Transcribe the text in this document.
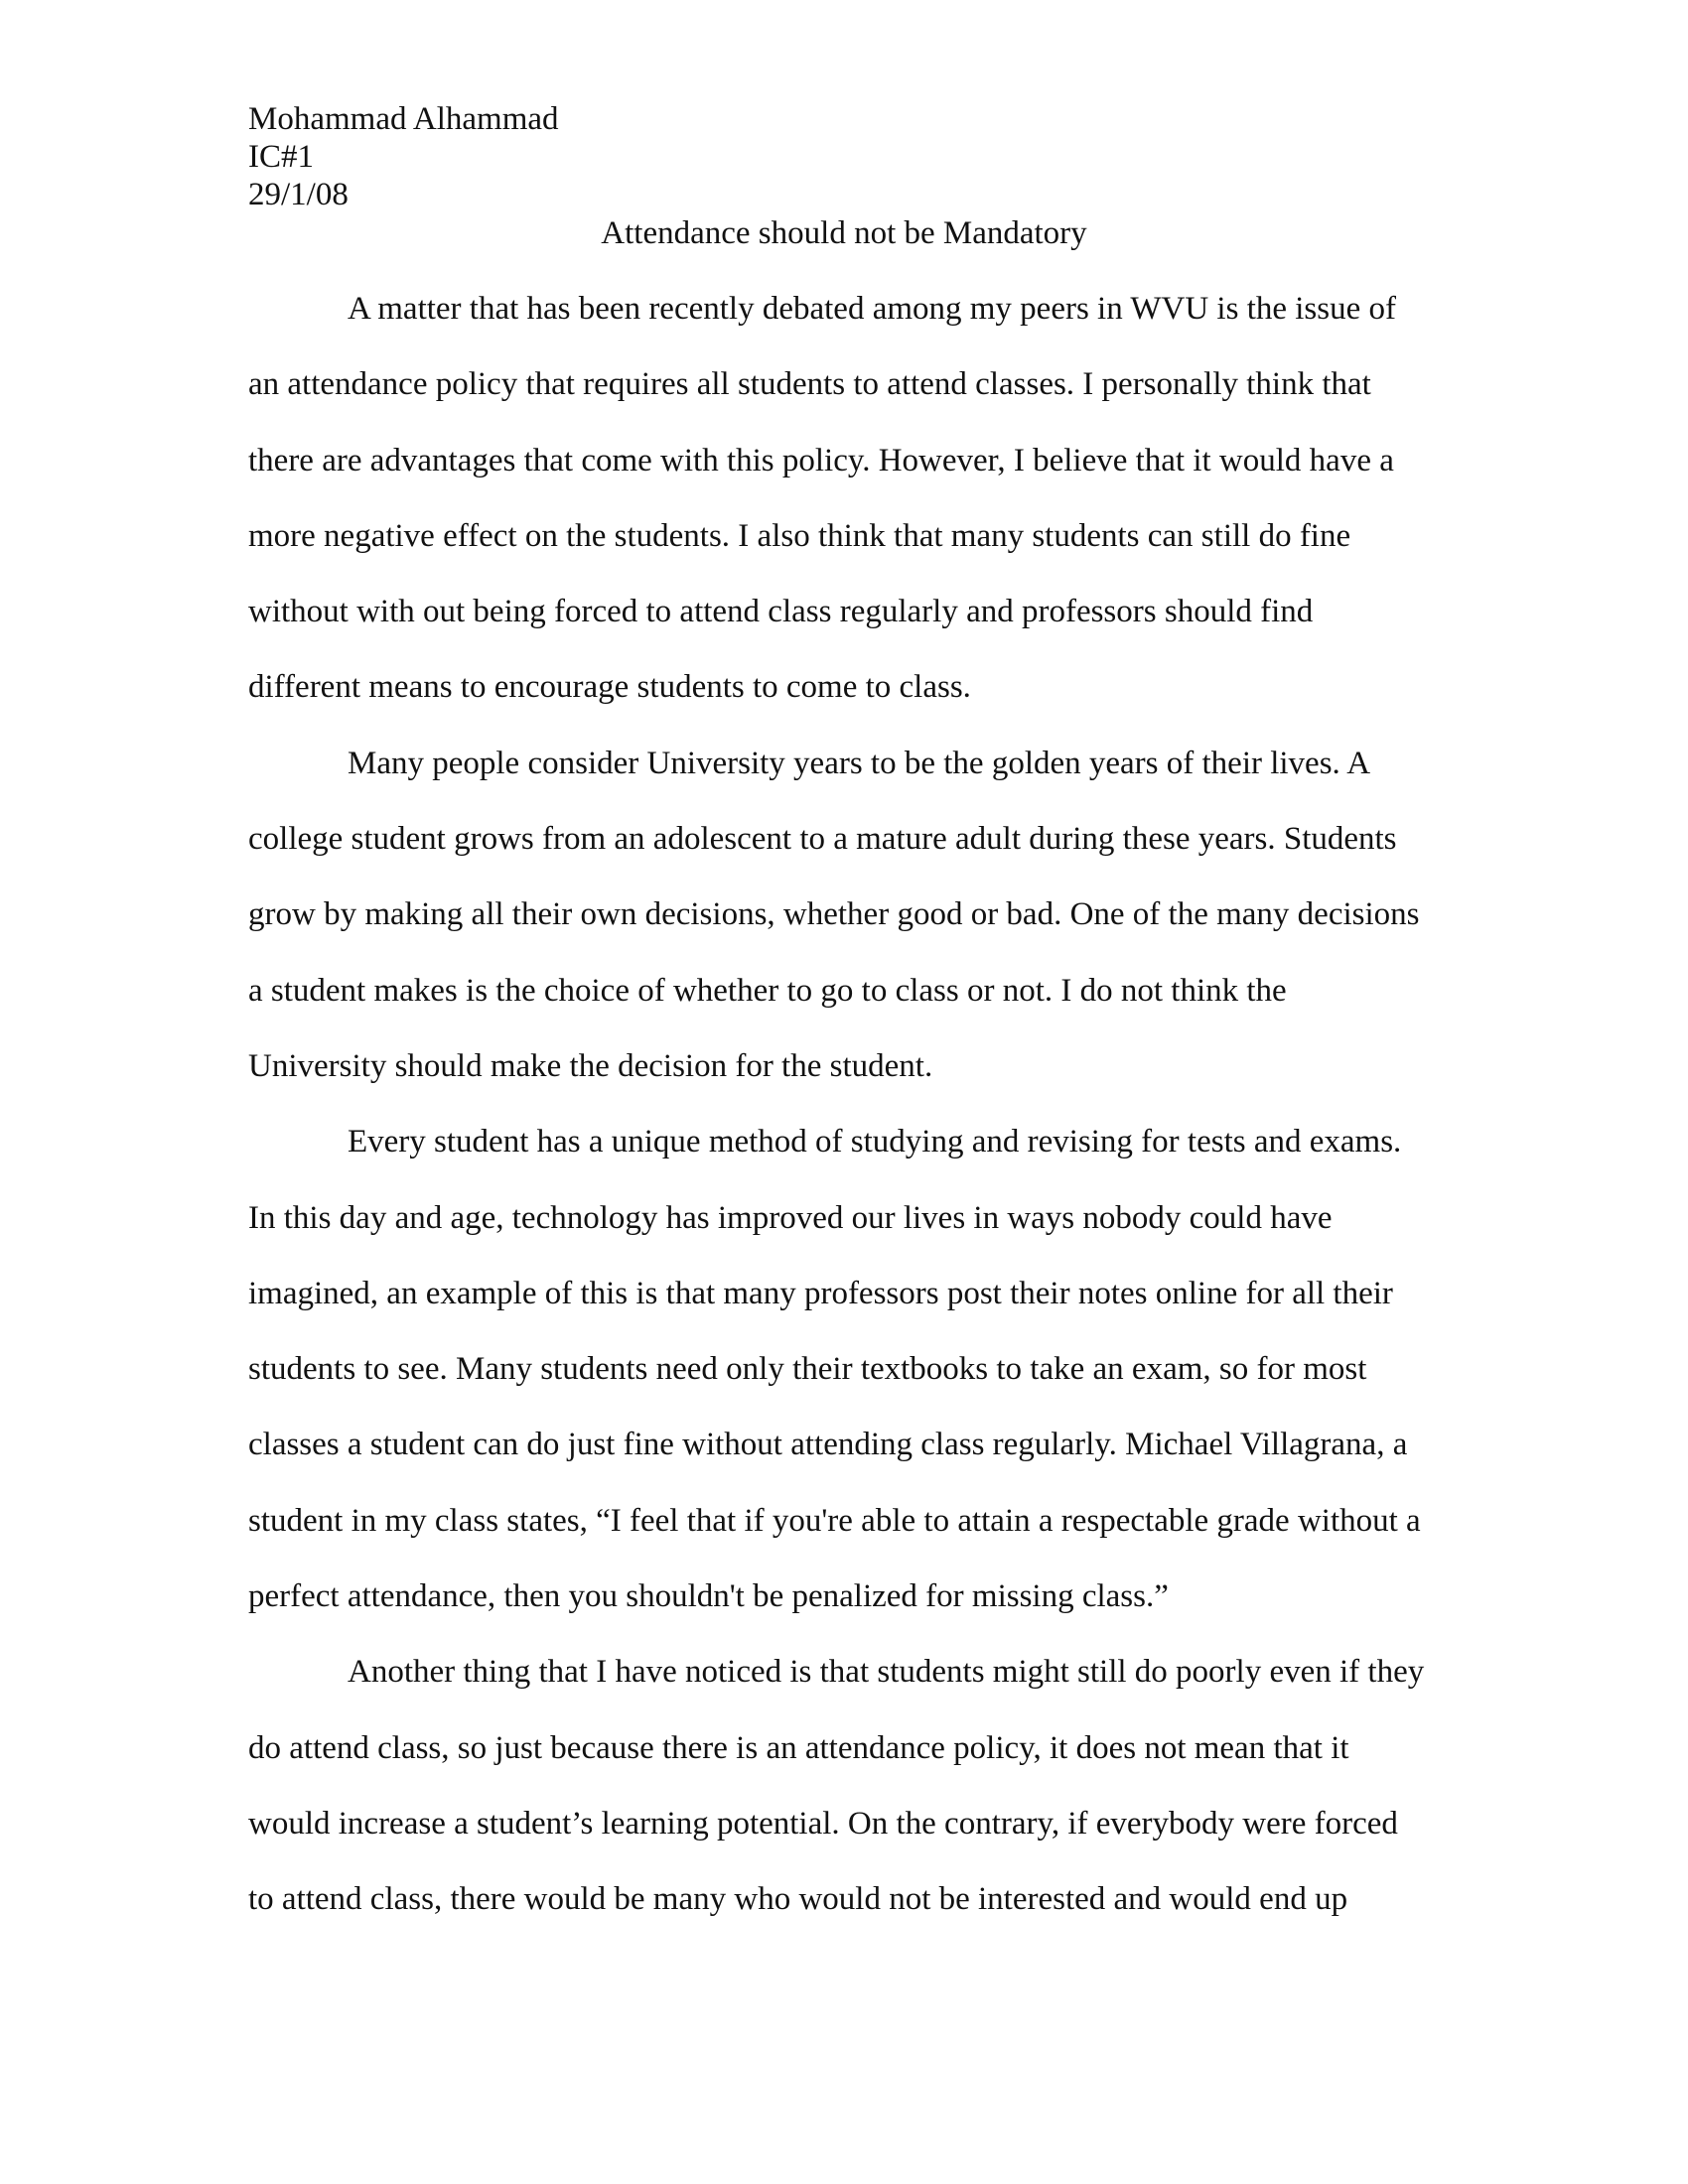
Mohammad Alhammad
IC#1
29/1/08
Attendance should not be Mandatory
A matter that has been recently debated among my peers in WVU is the issue of
an attendance policy that requires all students to attend classes. I personally think that
there are advantages that come with this policy. However, I believe that it would have a
more negative effect on the students. I also think that many students can still do fine
without with out being forced to attend class regularly and professors should find
different means to encourage students to come to class.
Many people consider University years to be the golden years of their lives. A
college student grows from an adolescent to a mature adult during these years. Students
grow by making all their own decisions, whether good or bad. One of the many decisions
a student makes is the choice of whether to go to class or not. I do not think the
University should make the decision for the student.
Every student has a unique method of studying and revising for tests and exams.
In this day and age, technology has improved our lives in ways nobody could have
imagined, an example of this is that many professors post their notes online for all their
students to see. Many students need only their textbooks to take an exam, so for most
classes a student can do just fine without attending class regularly. Michael Villagrana, a
student in my class states, “I feel that if you're able to attain a respectable grade without a
perfect attendance, then you shouldn't be penalized for missing class.”
Another thing that I have noticed is that students might still do poorly even if they
do attend class, so just because there is an attendance policy, it does not mean that it
would increase a student’s learning potential. On the contrary, if everybody were forced
to attend class, there would be many who would not be interested and would end up
